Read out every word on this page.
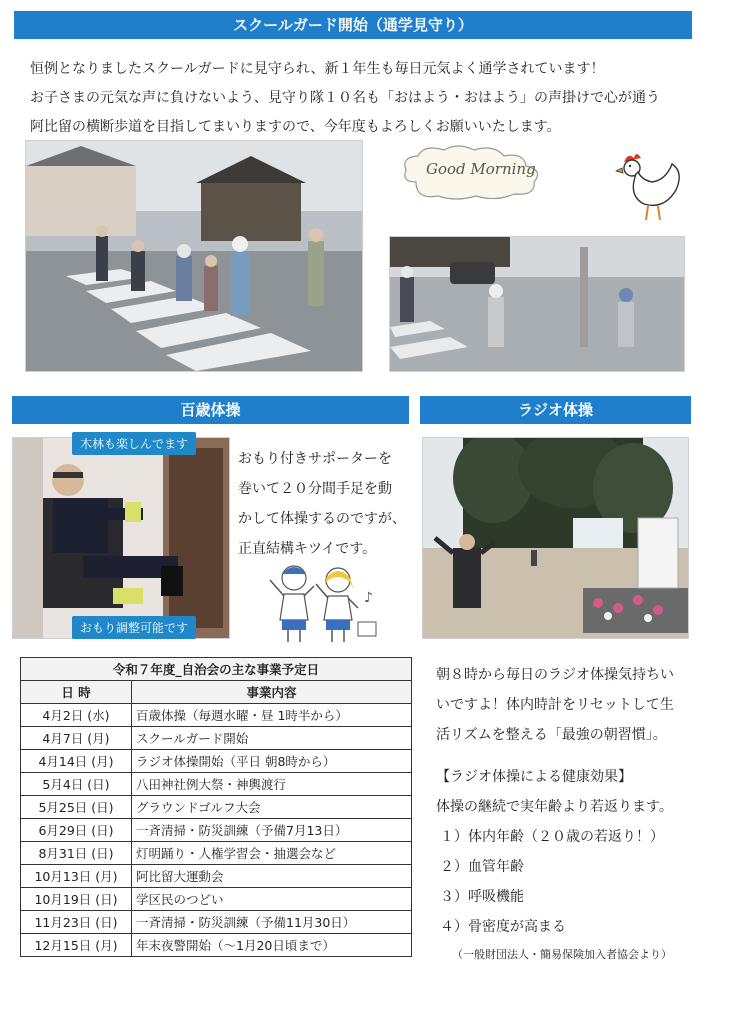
スクールガード開始（通学見守り）
恒例となりましたスクールガードに見守られ、新１年生も毎日元気よく通学されています！
お子さまの元気な声に負けないよう、見守り隊１０名も「おはよう・おはよう」の声掛けで心が通う
阿比留の横断歩道を目指してまいりますので、今年度もよろしくお願いいたします。
Good Morning
百歳体操
木林も楽しんでます
おもり調整可能です
おもり付きサポーターを
巻いて２０分間手足を動
かして体操するのですが、
正直結構キツイです。
♪
ラジオ体操
朝８時から毎日のラジオ体操気持ちい
いですよ！体内時計をリセットして生
活リズムを整える「最強の朝習慣」。
【ラジオ体操による健康効果】
体操の継続で実年齢より若返ります。
１）体内年齢（２０歳の若返り！）
２）血管年齢
３）呼吸機能
４）骨密度が高まる
（一般財団法人・簡易保険加入者協会より）
令和７年度_自治会の主な事業予定日	
日 時	事業内容
4月2日 (水)	百歳体操（毎週水曜・昼 1時半から）
4月7日 (月)	スクールガード開始
4月14日 (月)	ラジオ体操開始（平日 朝8時から）
5月4日 (日)	八田神社例大祭・神輿渡行
5月25日 (日)	グラウンドゴルフ大会
6月29日 (日)	一斉清掃・防災訓練（予備7月13日）
8月31日 (日)	灯明踊り・人権学習会・抽選会など
10月13日 (月)	阿比留大運動会
10月19日 (日)	学区民のつどい
11月23日 (日)	一斉清掃・防災訓練（予備11月30日）
12月15日 (月)	年末夜警開始（～1月20日頃まで）
